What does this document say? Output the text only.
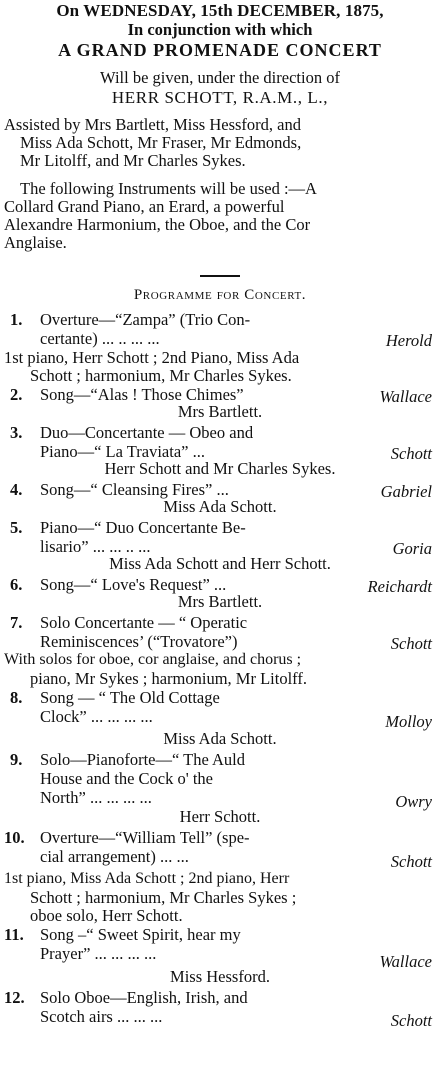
On WEDNESDAY, 15th DECEMBER, 1875,
In conjunction with which
A GRAND PROMENADE CONCERT
Will be given, under the direction of
HERR SCHOTT, R.A.M., L.,
Assisted by Mrs Bartlett, Miss Hessford, and
Miss Ada Schott, Mr Fraser, Mr Edmonds,
Mr Litolff, and Mr Charles Sykes.
The following Instruments will be used :—A
Collard Grand Piano, an Erard, a powerful
Alexandre Harmonium, the Oboe, and the Cor
Anglaise.
Programme for Concert.
1. Overture—“Zampa” (Trio Con-
certante) ... .. ... ...	Herold
1st piano, Herr Schott ; 2nd Piano, Miss Ada
Schott ; harmonium, Mr Charles Sykes.
2. Song—“Alas ! Those Chimes”	Wallace
Mrs Bartlett.
3. Duo—Concertante — Obeo and
Piano—“ La Traviata” ...	Schott
Herr Schott and Mr Charles Sykes.
4. Song—“ Cleansing Fires” ...	Gabriel
Miss Ada Schott.
5. Piano—“ Duo Concertante Be-
lisario” ... ... .. ...	Goria
Miss Ada Schott and Herr Schott.
6. Song—“ Love's Request” ...	Reichardt
Mrs Bartlett.
7. Solo Concertante — “ Operatic
Reminiscences’ (“Trovatore”)	Schott
With solos for oboe, cor anglaise, and chorus ;
piano, Mr Sykes ; harmonium, Mr Litolff.
8. Song — “ The Old Cottage
Clock” ... ... ... ...	Molloy
Miss Ada Schott.
9. Solo—Pianoforte—“ The Auld
House and the Cock o' the
North” ... ... ... ...	Owry
Herr Schott.
10. Overture—“William Tell” (spe-
cial arrangement) ... ...	Schott
1st piano, Miss Ada Schott ; 2nd piano, Herr
Schott ; harmonium, Mr Charles Sykes ;
oboe solo, Herr Schott.
11. Song –“ Sweet Spirit, hear my
Prayer” ... ... ... ...	Wallace
Miss Hessford.
12. Solo Oboe—English, Irish, and
Scotch airs ... ... ...	Schott
